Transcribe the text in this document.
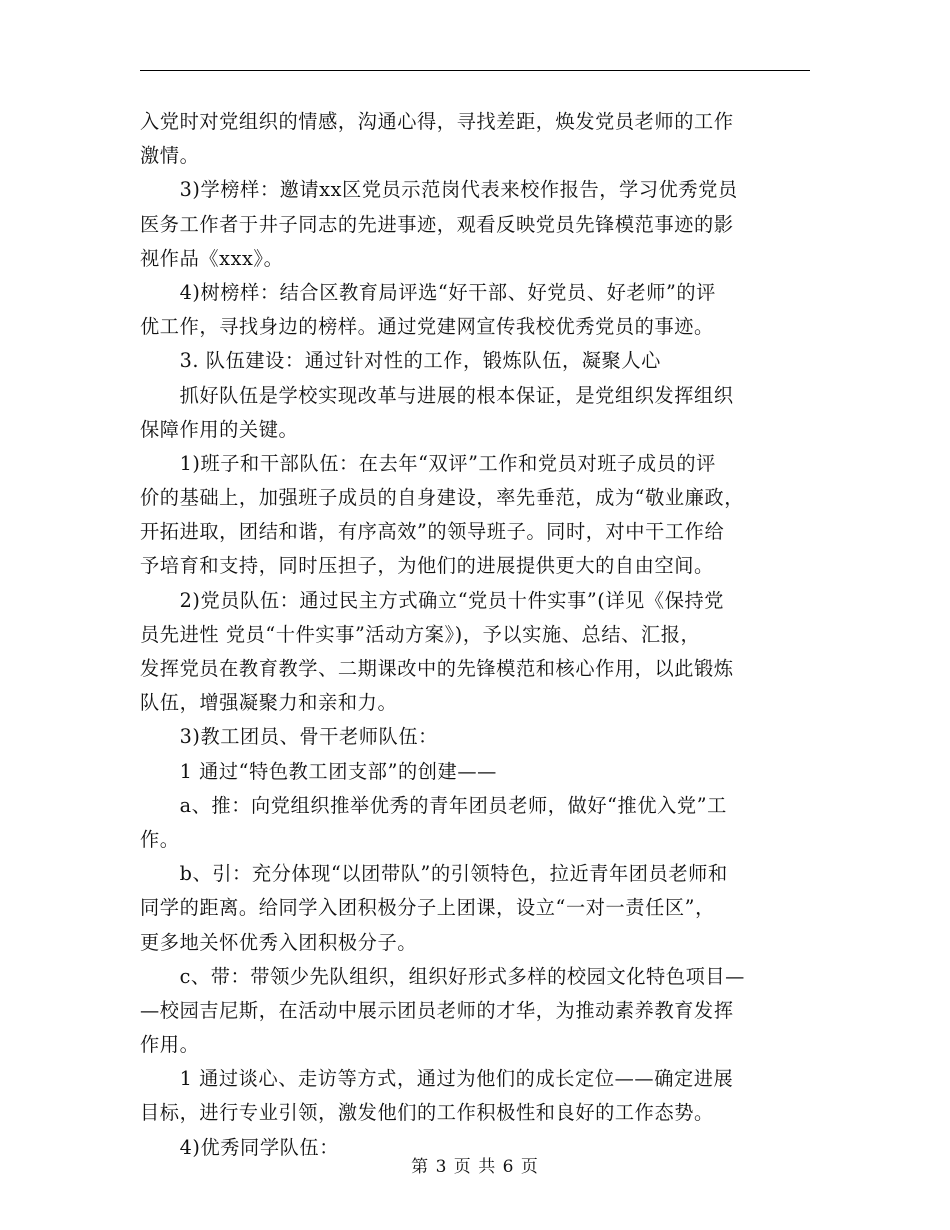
入党时对党组织的情感，沟通心得，寻找差距，焕发党员老师的工作
激情。
　　3)学榜样：邀请xx区党员示范岗代表来校作报告，学习优秀党员
医务工作者于井子同志的先进事迹，观看反映党员先锋模范事迹的影
视作品《xxx》。
　　4)树榜样：结合区教育局评选“好干部、好党员、好老师”的评
优工作，寻找身边的榜样。通过党建网宣传我校优秀党员的事迹。
　　3. 队伍建设：通过针对性的工作，锻炼队伍，凝聚人心
　　抓好队伍是学校实现改革与进展的根本保证，是党组织发挥组织
保障作用的关键。
　　1)班子和干部队伍：在去年“双评”工作和党员对班子成员的评
价的基础上，加强班子成员的自身建设，率先垂范，成为“敬业廉政，
开拓进取，团结和谐，有序高效”的领导班子。同时，对中干工作给
予培育和支持，同时压担子，为他们的进展提供更大的自由空间。
　　2)党员队伍：通过民主方式确立“党员十件实事”(详见《保持党
员先进性 党员“十件实事”活动方案》)，予以实施、总结、汇报，
发挥党员在教育教学、二期课改中的先锋模范和核心作用，以此锻炼
队伍，增强凝聚力和亲和力。
　　3)教工团员、骨干老师队伍：
　　1 通过“特色教工团支部”的创建——
　　a、推：向党组织推举优秀的青年团员老师，做好“推优入党”工
作。
　　b、引：充分体现“以团带队”的引领特色，拉近青年团员老师和
同学的距离。给同学入团积极分子上团课，设立“一对一责任区”，
更多地关怀优秀入团积极分子。
　　c、带：带领少先队组织，组织好形式多样的校园文化特色项目—
—校园吉尼斯，在活动中展示团员老师的才华，为推动素养教育发挥
作用。
　　1 通过谈心、走访等方式，通过为他们的成长定位——确定进展
目标，进行专业引领，激发他们的工作积极性和良好的工作态势。
　　4)优秀同学队伍：
第 3 页 共 6 页
